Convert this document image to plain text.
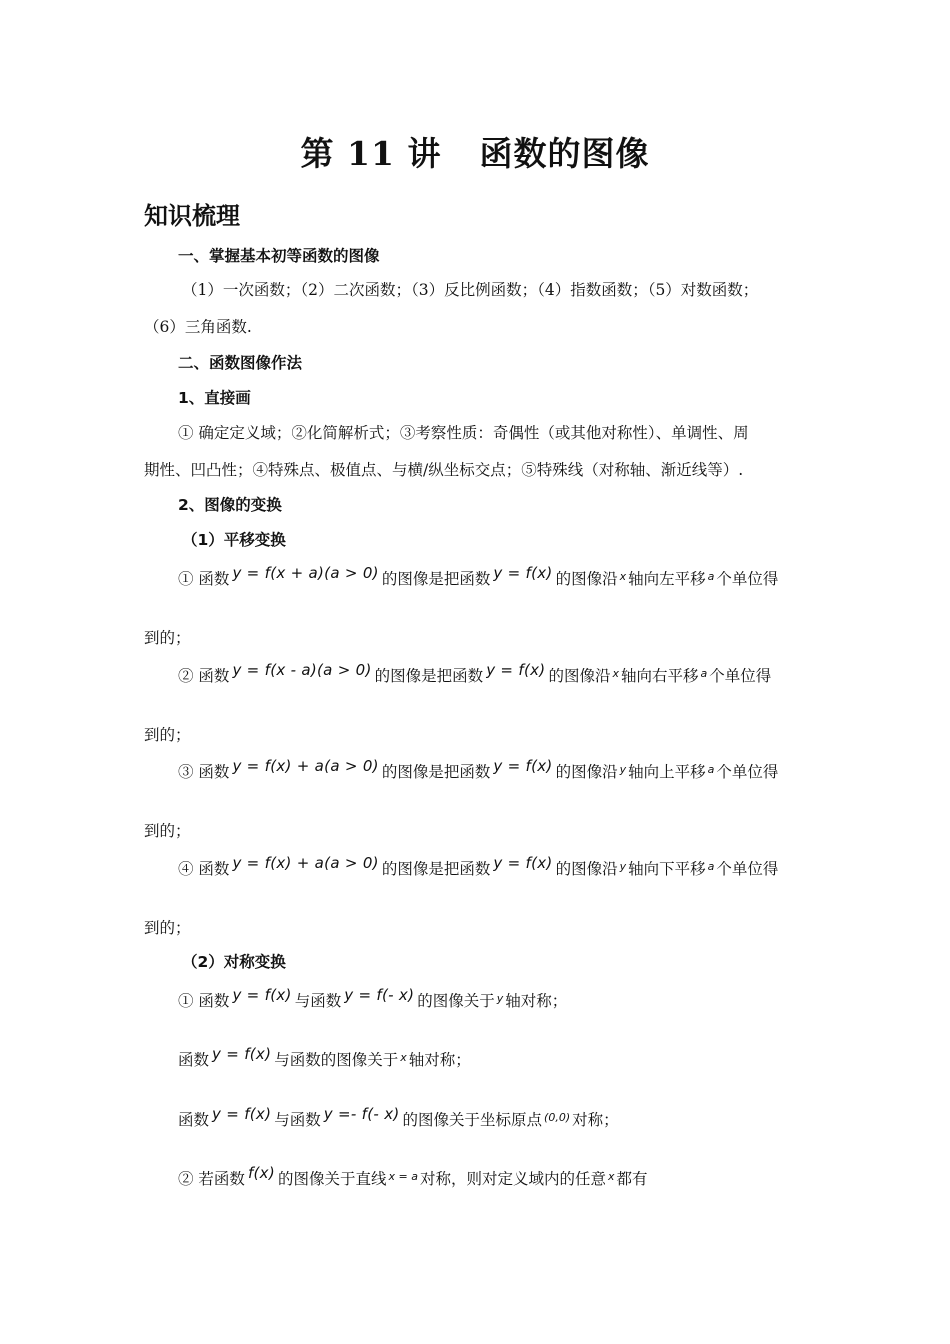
第 11 讲 函数的图像
知识梳理
一、掌握基本初等函数的图像
（1）一次函数；（2）二次函数；（3）反比例函数；（4）指数函数；（5）对数函数；
（6）三角函数.
二、函数图像作法
1、直接画
① 确定定义域；②化简解析式；③考察性质：奇偶性（或其他对称性）、单调性、周
期性、凹凸性；④特殊点、极值点、与横/纵坐标交点；⑤特殊线（对称轴、渐近线等）.
2、图像的变换
（1）平移变换
① 函数 y = f(x + a)(a > 0) 的图像是把函数 y = f(x) 的图像沿 $^x$ 轴向左平移 $^a$ 个单位得
到的；
② 函数 y = f(x - a)(a > 0) 的图像是把函数 y = f(x) 的图像沿 $^x$ 轴向右平移 $^a$ 个单位得
到的；
③ 函数 y = f(x) + a(a > 0) 的图像是把函数 y = f(x) 的图像沿 $^y$ 轴向上平移 $^a$ 个单位得
到的；
④ 函数 y = f(x) + a(a > 0) 的图像是把函数 y = f(x) 的图像沿 $^y$ 轴向下平移 $^a$ 个单位得
到的；
（2）对称变换
① 函数 y = f(x) 与函数 y = f(- x) 的图像关于 $^y$ 轴对称；
函数 y = f(x) 与函数的图像关于 $^x$ 轴对称；
函数 y = f(x) 与函数 y =- f(- x) 的图像关于坐标原点 $^{(0,0)}$ 对称；
② 若函数 f(x) 的图像关于直线 $^{x = a}$ 对称，则对定义域内的任意 $^x$ 都有
